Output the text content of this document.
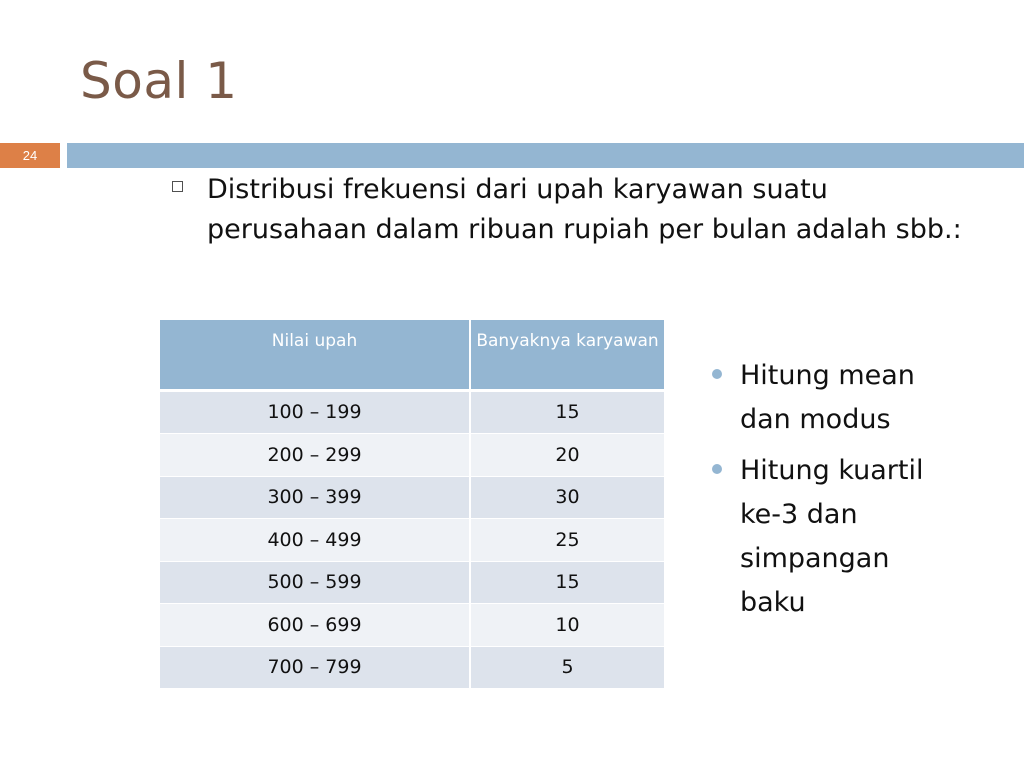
Soal 1
24
Distribusi frekuensi dari upah karyawan suatu perusahaan dalam ribuan rupiah per bulan adalah sbb.:
Nilai upah	Banyaknya karyawan
100 – 199	15
200 – 299	20
300 – 399	30
400 – 499	25
500 – 599	15
600 – 699	10
700 – 799	5
Hitung mean dan modus
Hitung kuartil ke-3 dan simpangan baku
